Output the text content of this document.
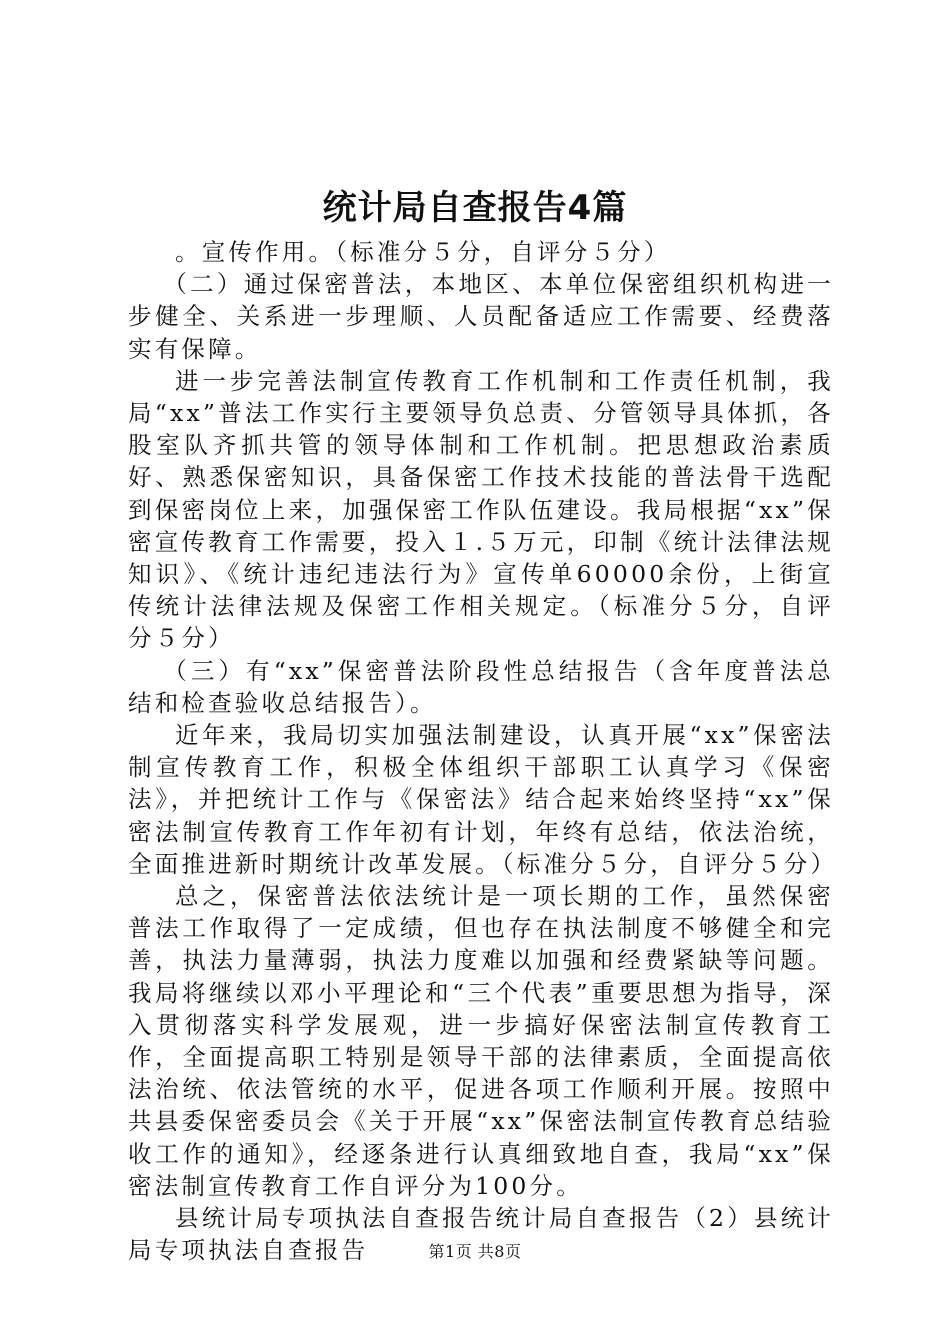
统计局自查报告4篇

。宣传作用。（标准分５分，自评分５分）

（二）通过保密普法，本地区、本单位保密组织机构进一步健全、关系进一步理顺、人员配备适应工作需要、经费落实有保障。

进一步完善法制宣传教育工作机制和工作责任机制，我局“xx”普法工作实行主要领导负总责、分管领导具体抓，各股室队齐抓共管的领导体制和工作机制。把思想政治素质好、熟悉保密知识，具备保密工作技术技能的普法骨干选配到保密岗位上来，加强保密工作队伍建设。我局根据“xx”保密宣传教育工作需要，投入１.５万元，印制《统计法律法规知识》、《统计违纪违法行为》宣传单60000余份，上街宣传统计法律法规及保密工作相关规定。（标准分５分，自评分５分）

（三）有“xx”保密普法阶段性总结报告（含年度普法总结和检查验收总结报告）。

近年来，我局切实加强法制建设，认真开展“xx”保密法制宣传教育工作，积极全体组织干部职工认真学习《保密法》，并把统计工作与《保密法》结合起来始终坚持“xx”保密法制宣传教育工作年初有计划，年终有总结，依法治统，全面推进新时期统计改革发展。（标准分５分，自评分５分）

总之，保密普法依法统计是一项长期的工作，虽然保密普法工作取得了一定成绩，但也存在执法制度不够健全和完善，执法力量薄弱，执法力度难以加强和经费紧缺等问题。我局将继续以邓小平理论和“三个代表”重要思想为指导，深入贯彻落实科学发展观，进一步搞好保密法制宣传教育工作，全面提高职工特别是领导干部的法律素质，全面提高依法治统、依法管统的水平，促进各项工作顺利开展。按照中共县委保密委员会《关于开展“xx”保密法制宣传教育总结验收工作的通知》，经逐条进行认真细致地自查，我局“xx”保密法制宣传教育工作自评分为100分。

县统计局专项执法自查报告统计局自查报告（2）县统计局专项执法自查报告	第1页 共8页
